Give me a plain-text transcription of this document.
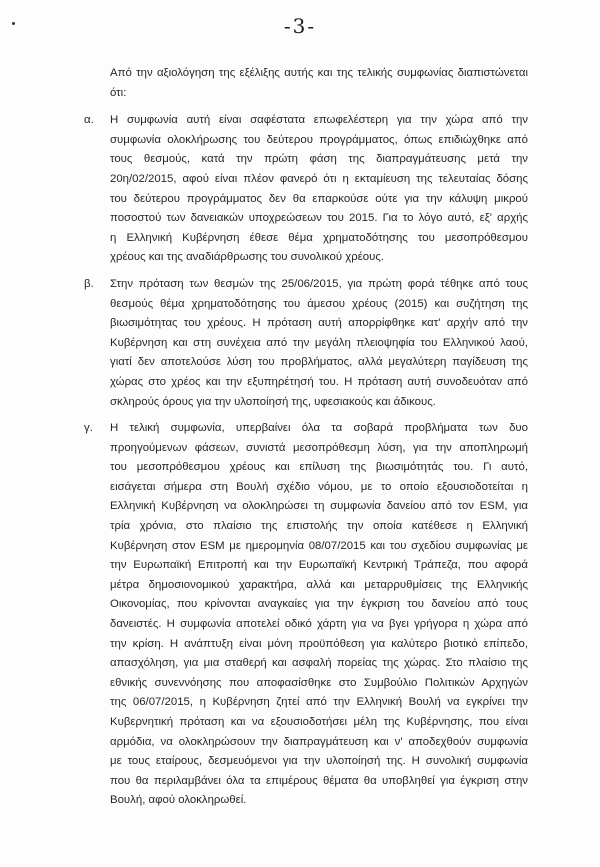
-3-

Από την αξιολόγηση της εξέλιξης αυτής και της τελικής συμφωνίας διαπιστώνεται ότι:

α.	Η συμφωνία αυτή είναι σαφέστατα επωφελέστερη για την χώρα από την
συμφωνία ολοκλήρωσης του δεύτερου προγράμματος, όπως επιδιώχθηκε από
τους θεσμούς, κατά την πρώτη φάση της διαπραγμάτευσης μετά την
20η/02/2015, αφού είναι πλέον φανερό ότι η εκταμίευση της τελευταίας δόσης
του δεύτερου προγράμματος δεν θα επαρκούσε ούτε για την κάλυψη μικρού
ποσοστού των δανειακών υποχρεώσεων του 2015. Για το λόγο αυτό, εξ' αρχής
η Ελληνική Κυβέρνηση έθεσε θέμα χρηματοδότησης του μεσοπρόθεσμου
χρέους και της αναδιάρθρωσης του συνολικού χρέους.
β.	Στην πρόταση των θεσμών της 25/06/2015, για πρώτη φορά τέθηκε από τους
θεσμούς θέμα χρηματοδότησης του άμεσου χρέους (2015) και συζήτηση της
βιωσιμότητας του χρέους. Η πρόταση αυτή απορρίφθηκε κατ' αρχήν από την
Κυβέρνηση και στη συνέχεια από την μεγάλη πλειοψηφία του Ελληνικού λαού,
γιατί δεν αποτελούσε λύση του προβλήματος, αλλά μεγαλύτερη παγίδευση της
χώρας στο χρέος και την εξυπηρέτησή του. Η πρόταση αυτή συνοδευόταν από
σκληρούς όρους για την υλοποίησή της, υφεσιακούς και άδικους.
γ.	Η τελική συμφωνία, υπερβαίνει όλα τα σοβαρά προβλήματα των δυο
προηγούμενων φάσεων, συνιστά μεσοπρόθεσμη λύση, για την αποπληρωμή
του μεσοπρόθεσμου χρέους και επίλυση της βιωσιμότητάς του. Γι αυτό,
εισάγεται σήμερα στη Βουλή σχέδιο νόμου, με το οποίο εξουσιοδοτείται η
Ελληνική Κυβέρνηση να ολοκληρώσει τη συμφωνία δανείου από τον ESM, για
τρία χρόνια, στο πλαίσιο της επιστολής την οποία κατέθεσε η Ελληνική
Κυβέρνηση στον ESM με ημερομηνία 08/07/2015 και του σχεδίου συμφωνίας με
την Ευρωπαϊκή Επιτροπή και την Ευρωπαϊκή Κεντρική Τράπεζα, που αφορά
μέτρα δημοσιονομικού χαρακτήρα, αλλά και μεταρρυθμίσεις της Ελληνικής
Οικονομίας, που κρίνονται αναγκαίες για την έγκριση του δανείου από τους
δανειστές. Η συμφωνία αποτελεί οδικό χάρτη για να βγει γρήγορα η χώρα από
την κρίση. Η ανάπτυξη είναι μόνη προϋπόθεση για καλύτερο βιοτικό επίπεδο,
απασχόληση, για μια σταθερή και ασφαλή πορείας της χώρας. Στο πλαίσιο της
εθνικής συνεννόησης που αποφασίσθηκε στο Συμβούλιο Πολιτικών Αρχηγών
της 06/07/2015, η Κυβέρνηση ζητεί από την Ελληνική Βουλή να εγκρίνει την
Κυβερνητική πρόταση και να εξουσιοδοτήσει μέλη της Κυβέρνησης, που είναι
αρμόδια, να ολοκληρώσουν την διαπραγμάτευση και ν' αποδεχθούν συμφωνία
με τους εταίρους, δεσμευόμενοι για την υλοποίησή της. Η συνολική συμφωνία
που θα περιλαμβάνει όλα τα επιμέρους θέματα θα υποβληθεί για έγκριση στην
Βουλή, αφού ολοκληρωθεί.
